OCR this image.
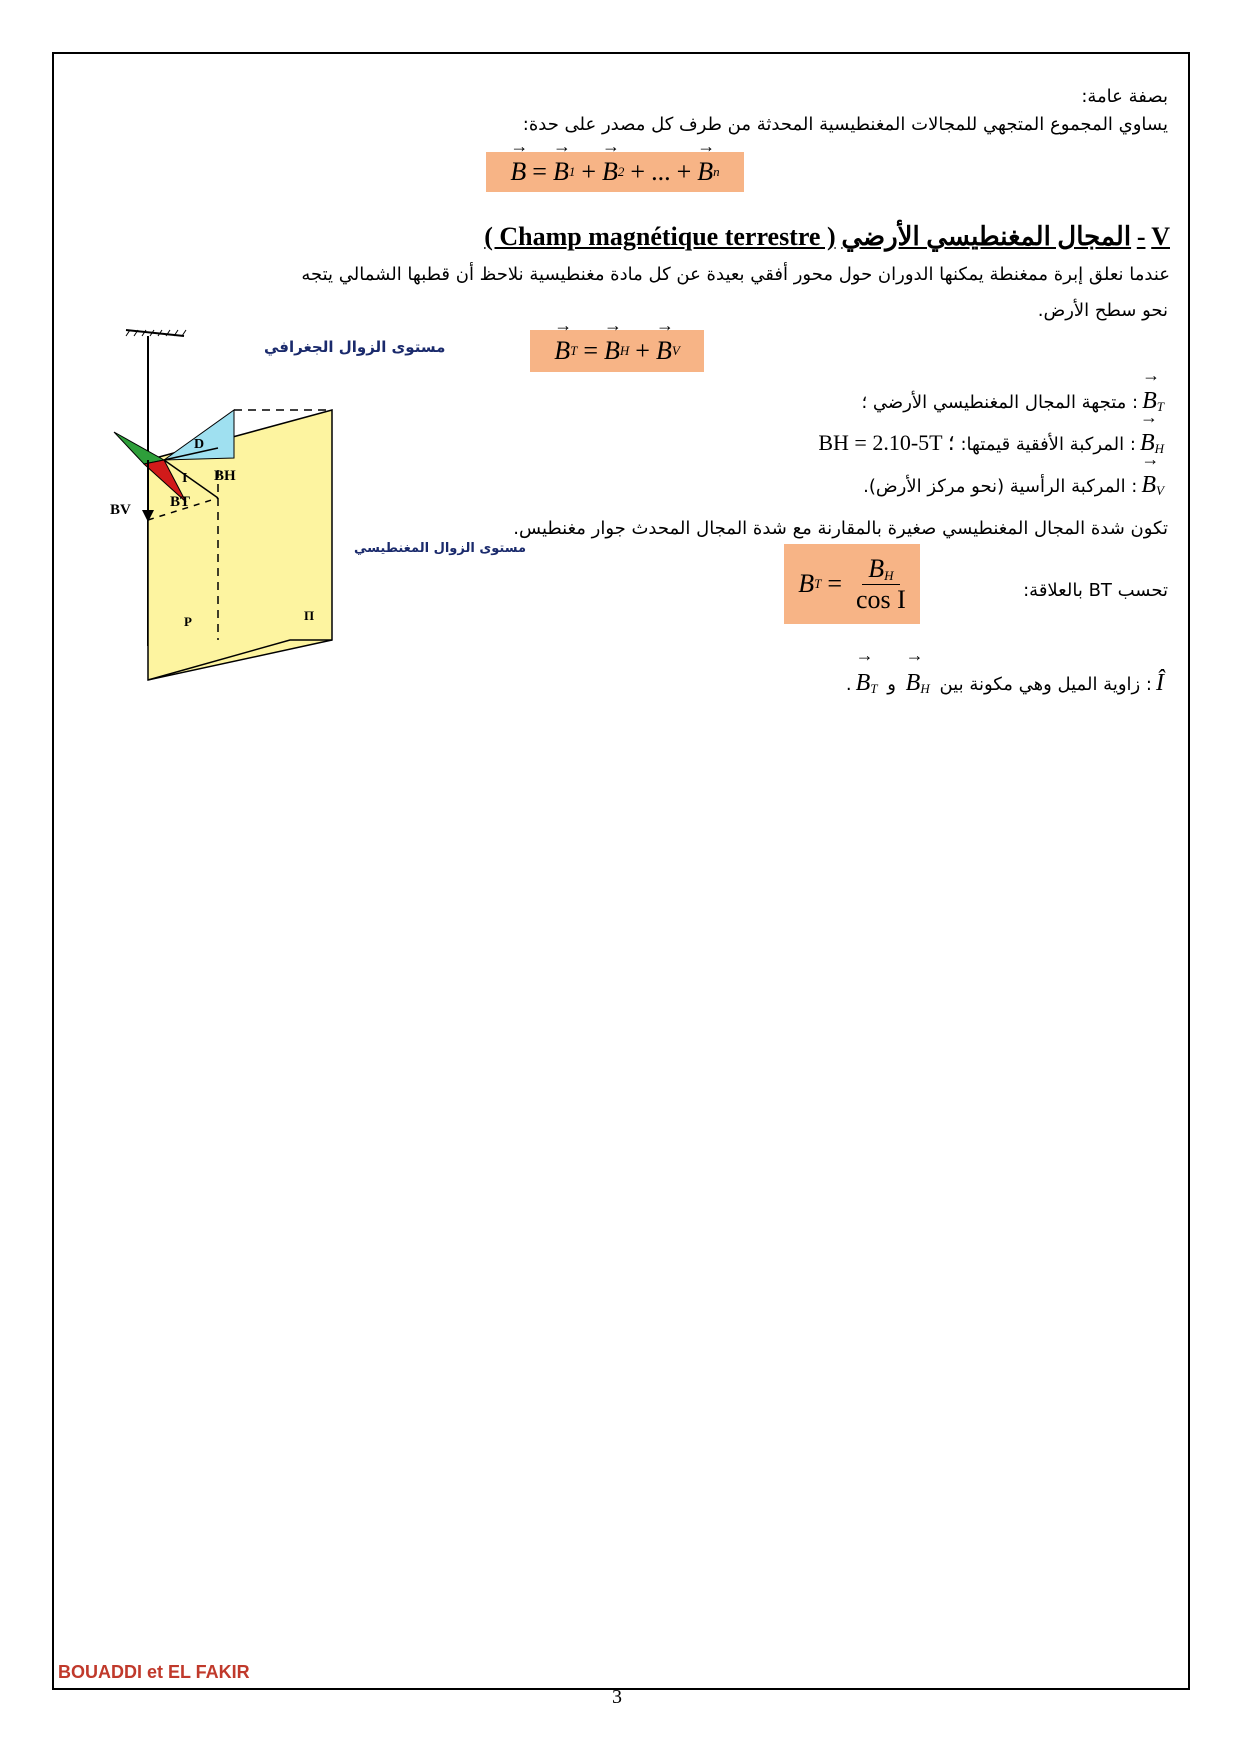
بصفة عامة:
يساوي المجموع المتجهي للمجالات المغنطيسية المحدثة من طرف كل مصدر على حدة:
→ B = → B 1 + → B 2 + ... + → B n
V - المجال المغنطيسي الأرضي ( Champ magnétique terrestre )
عندما نعلق إبرة ممغنطة يمكنها الدوران حول محور أفقي بعيدة عن كل مادة مغنطيسية نلاحظ أن قطبها الشمالي يتجه
نحو سطح الأرض.
→ B T = → B H + → B V
→ $B_T$: متجهة المجال المغنطيسي الأرضي ؛
→ $B_H$: المركبة الأفقية قيمتها: BH = 2.10-5T ؛
→ $B_V$: المركبة الرأسية (نحو مركز الأرض).
تكون شدة المجال المغنطيسي صغيرة بالمقارنة مع شدة المجال المحدث جوار مغنطيس.
تحسب BT بالعلاقة:
B $T = \frac{B_H}{\text{cos I}}$
Î: زاوية الميل وهي مكونة بين → $B_H$ و → $B_T$.
مستوى الزوال الجغرافي
BH
BT
BV
D
I
مستوى الزوال المغنطيسي
P	П
BOUADDI et EL FAKIR
3
